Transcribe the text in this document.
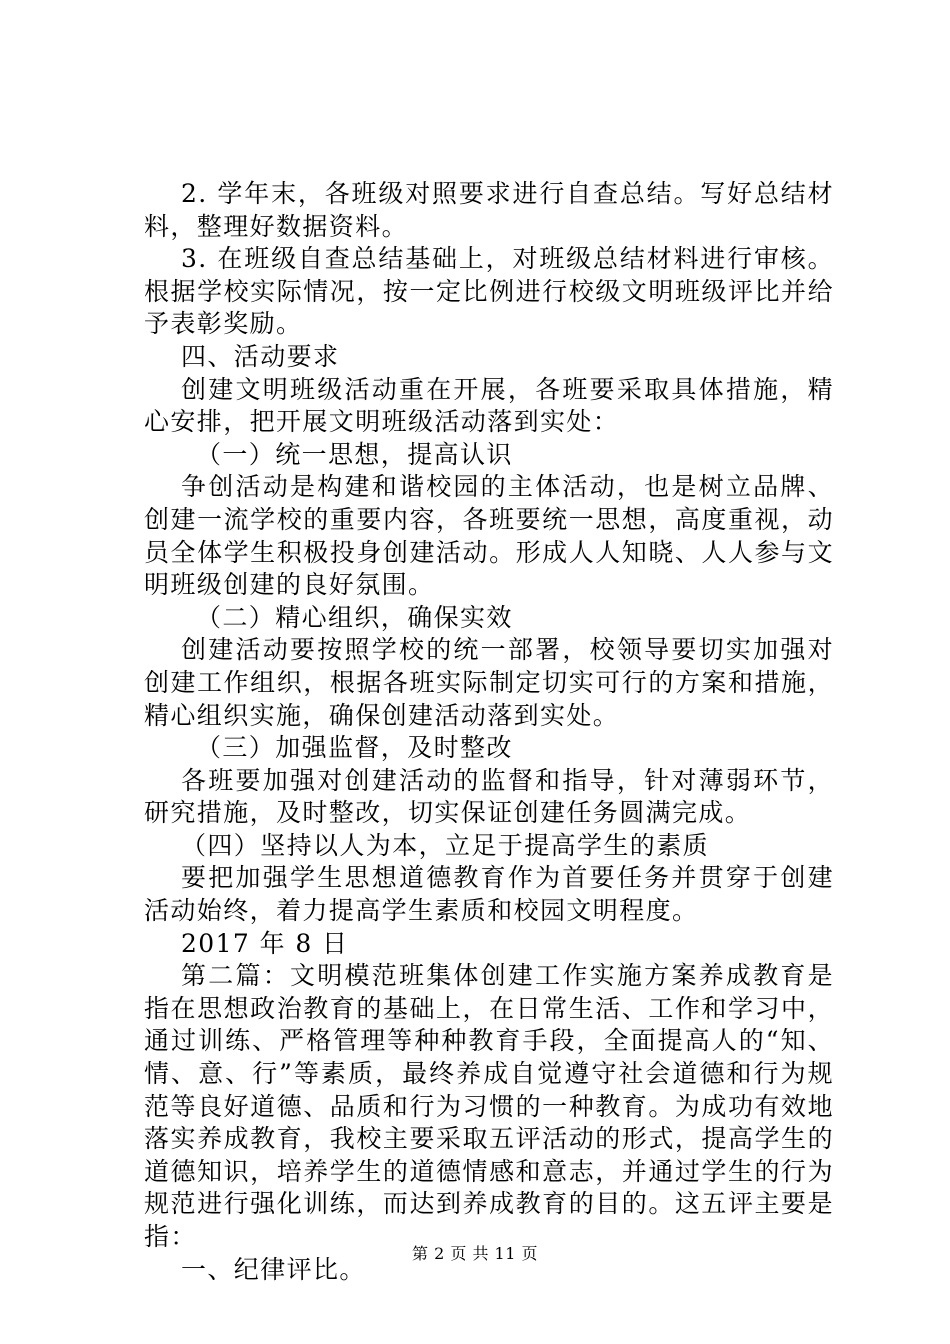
2. 学年末，各班级对照要求进行自查总结。写好总结材料，整理好数据资料。

3. 在班级自查总结基础上，对班级总结材料进行审核。根据学校实际情况，按一定比例进行校级文明班级评比并给予表彰奖励。

四、活动要求

创建文明班级活动重在开展，各班要采取具体措施，精心安排，把开展文明班级活动落到实处：

（一）统一思想，提高认识

争创活动是构建和谐校园的主体活动，也是树立品牌、创建一流学校的重要内容，各班要统一思想，高度重视，动员全体学生积极投身创建活动。形成人人知晓、人人参与文明班级创建的良好氛围。

（二）精心组织，确保实效

创建活动要按照学校的统一部署，校领导要切实加强对创建工作组织，根据各班实际制定切实可行的方案和措施，精心组织实施，确保创建活动落到实处。

（三）加强监督，及时整改

各班要加强对创建活动的监督和指导，针对薄弱环节，研究措施，及时整改，切实保证创建任务圆满完成。

（四）坚持以人为本，立足于提高学生的素质

要把加强学生思想道德教育作为首要任务并贯穿于创建活动始终，着力提高学生素质和校园文明程度。

2017 年 8 日

第二篇：文明模范班集体创建工作实施方案养成教育是指在思想政治教育的基础上，在日常生活、工作和学习中，通过训练、严格管理等种种教育手段，全面提高人的“知、情、意、行”等素质，最终养成自觉遵守社会道德和行为规范等良好道德、品质和行为习惯的一种教育。为成功有效地落实养成教育，我校主要采取五评活动的形式，提高学生的道德知识，培养学生的道德情感和意志，并通过学生的行为规范进行强化训练，而达到养成教育的目的。这五评主要是指：

一、纪律评比。

第 2 页 共 11 页
